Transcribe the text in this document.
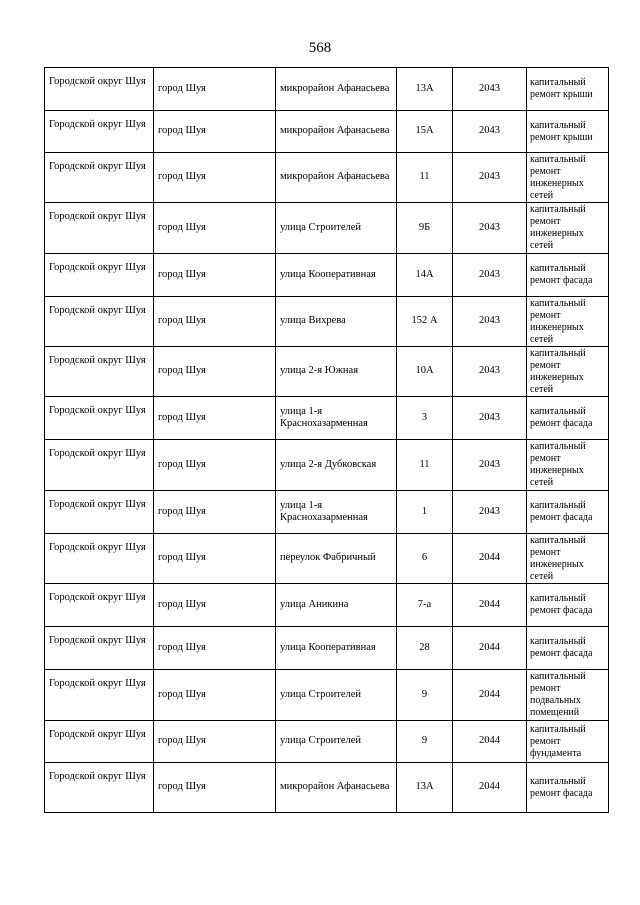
568
Городской округ Шуя	город Шуя	микрорайон Афанасьева	13А	2043	капитальный ремонт крыши
Городской округ Шуя	город Шуя	микрорайон Афанасьева	15А	2043	капитальный ремонт крыши
Городской округ Шуя	город Шуя	микрорайон Афанасьева	11	2043	капитальный ремонт инженерных сетей
Городской округ Шуя	город Шуя	улица Строителей	9Б	2043	капитальный ремонт инженерных сетей
Городской округ Шуя	город Шуя	улица Кооперативная	14А	2043	капитальный ремонт фасада
Городской округ Шуя	город Шуя	улица Вихрева	152 А	2043	капитальный ремонт инженерных сетей
Городской округ Шуя	город Шуя	улица 2-я Южная	10А	2043	капитальный ремонт инженерных сетей
Городской округ Шуя	город Шуя	улица 1-я Краснохазарменная	3	2043	капитальный ремонт фасада
Городской округ Шуя	город Шуя	улица 2-я Дубковская	11	2043	капитальный ремонт инженерных сетей
Городской округ Шуя	город Шуя	улица 1-я Краснохазарменная	1	2043	капитальный ремонт фасада
Городской округ Шуя	город Шуя	переулок Фабричный	6	2044	капитальный ремонт инженерных сетей
Городской округ Шуя	город Шуя	улица Аникина	7-а	2044	капитальный ремонт фасада
Городской округ Шуя	город Шуя	улица Кооперативная	28	2044	капитальный ремонт фасада
Городской округ Шуя	город Шуя	улица Строителей	9	2044	капитальный ремонт подвальных помещений
Городской округ Шуя	город Шуя	улица Строителей	9	2044	капитальный ремонт фундамента
Городской округ Шуя	город Шуя	микрорайон Афанасьева	13А	2044	капитальный ремонт фасада
